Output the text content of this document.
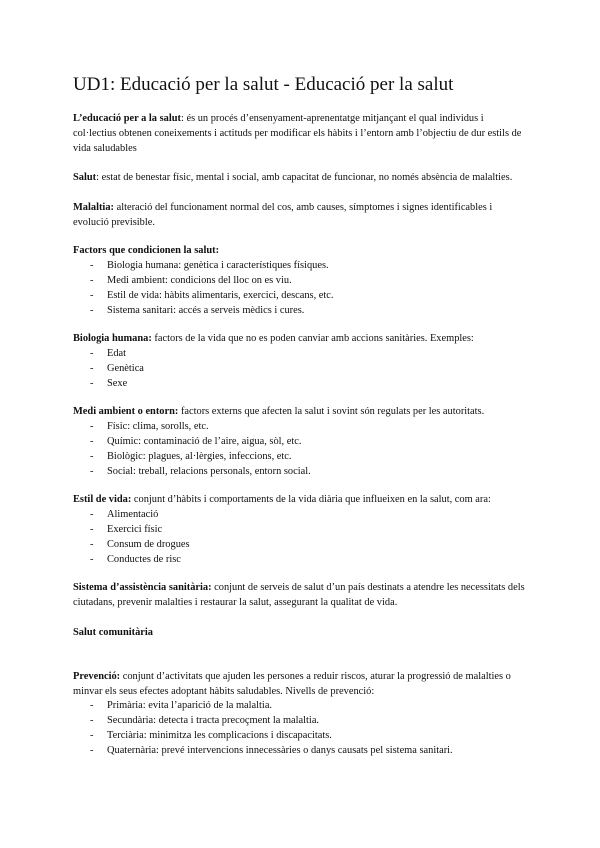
UD1: Educació per la salut - Educació per la salut

L’educació per a la salut: és un procés d’ensenyament-aprenentatge mitjançant el qual individus i col·lectius obtenen coneixements i actituds per modificar els hàbits i l’entorn amb l’objectiu de dur estils de vida saludables

Salut: estat de benestar físic, mental i social, amb capacitat de funcionar, no només absència de malalties.

Malaltia: alteració del funcionament normal del cos, amb causes, símptomes i signes identificables i evolució previsible.

Factors que condicionen la salut:

- Biologia humana: genètica i característiques físiques.
- Medi ambient: condicions del lloc on es viu.
- Estil de vida: hàbits alimentaris, exercici, descans, etc.
- Sistema sanitari: accés a serveis mèdics i cures.

Biologia humana: factors de la vida que no es poden canviar amb accions sanitàries. Exemples:

- Edat
- Genètica
- Sexe

Medi ambient o entorn: factors externs que afecten la salut i sovint són regulats per les autoritats.

- Físic: clima, sorolls, etc.
- Químic: contaminació de l’aire, aigua, sòl, etc.
- Biològic: plagues, al·lèrgies, infeccions, etc.
- Social: treball, relacions personals, entorn social.

Estil de vida: conjunt d’hàbits i comportaments de la vida diària que influeixen en la salut, com ara:

- Alimentació
- Exercici físic
- Consum de drogues
- Conductes de risc

Sistema d’assistència sanitària: conjunt de serveis de salut d’un país destinats a atendre les necessitats dels ciutadans, prevenir malalties i restaurar la salut, assegurant la qualitat de vida.

Salut comunitària

Prevenció: conjunt d’activitats que ajuden les persones a reduir riscos, aturar la progressió de malalties o minvar els seus efectes adoptant hàbits saludables. Nivells de prevenció:

- Primària: evita l’aparició de la malaltia.
- Secundària: detecta i tracta precoçment la malaltia.
- Terciària: minimitza les complicacions i discapacitats.
- Quaternària: prevé intervencions innecessàries o danys causats pel sistema sanitari.
